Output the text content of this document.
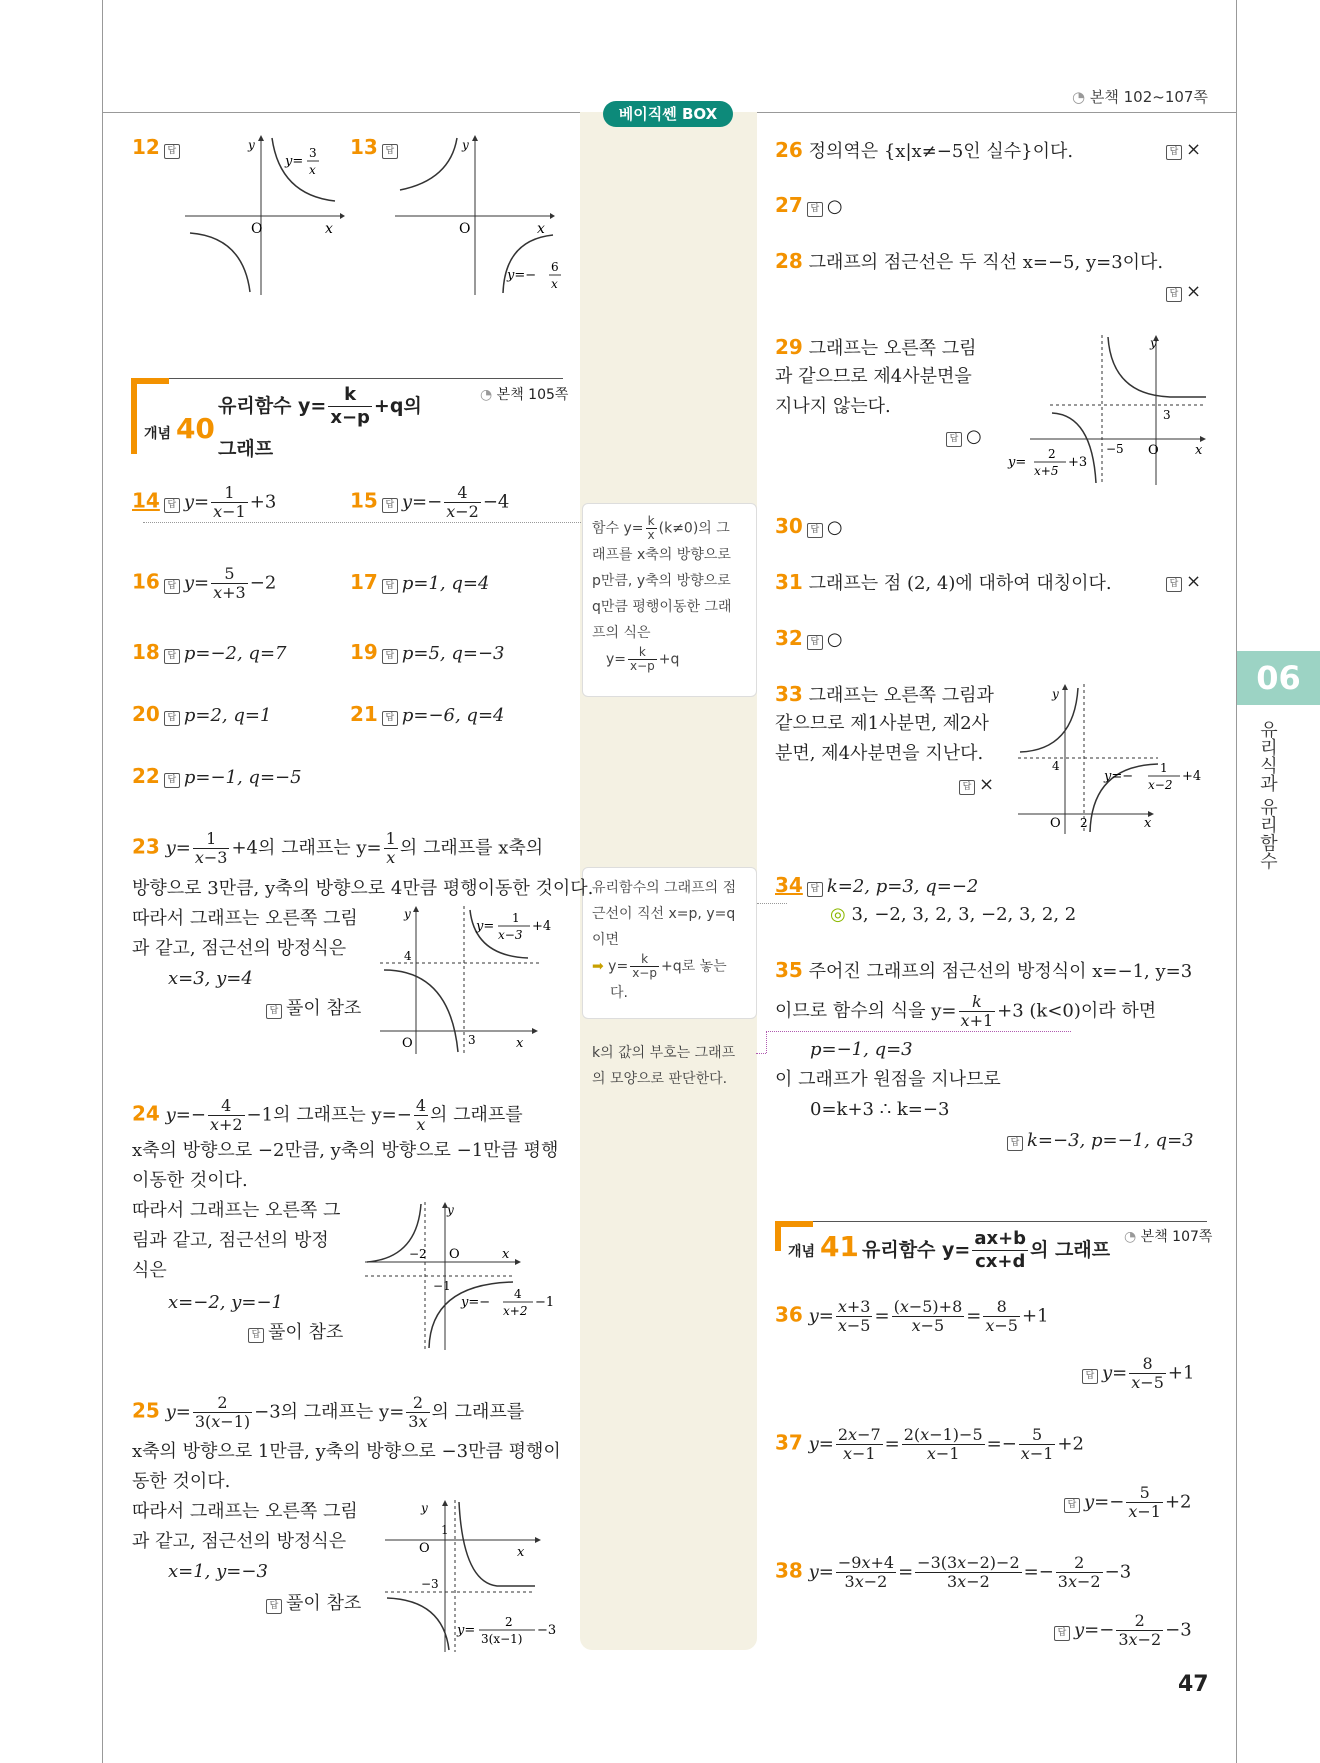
◔ 본책 102~107쪽
베이직쎈 BOX
함수 $y= \frac{k}{x} (k\ne 0)$의 그
래프를 x축의 방향으로
p만큼, y축의 방향으로
q만큼 평행이동한 그래
프의 식은
$y= \frac{k}{x-p} +q$
유리함수의 그래프의 점
근선이 직선 x=p, y=q
이면
➡ $y= \frac{k}{x-p} +q$로 놓는
다.
k의 값의 부호는 그래프
의 모양으로 판단한다.
06
유리식과 유리함수
47
12 답
O	x
y
y=
3
x
13 답
O	x
y
y=−
6
x
개념 40
유리함수 $y= \frac{k}{x-p} +q$의
그래프
◔ 본책 105쪽
14 답 $y= \frac{1}{x-1} +3$	15 답 $y=- \frac{4}{x-2} -4$
16 답 $y= \frac{5}{x+3} -2$	17 답 p=1, q=4
18 답 p=−2, q=7	19 답 p=5, q=−3
20 답 p=2, q=1	21 답 p=−6, q=4
22 답 p=−1, q=−5
23 $y= \frac{1}{x-3} +4$의 그래프는 $y= \frac{1}{x}$ 의 그래프를 x축의
방향으로 3만큼, y축의 방향으로 4만큼 평행이동한 것이다.
따라서 그래프는 오른쪽 그림
과 같고, 점근선의 방정식은
x=3, y=4
답 풀이 참조
O	x
y
4
3
y=
1
x−3
+4
24 $y=- \frac{4}{x+2} -1$의 그래프는 $y=- \frac{4}{x}$ 의 그래프를
x축의 방향으로 −2만큼, y축의 방향으로 −1만큼 평행
이동한 것이다.
따라서 그래프는 오른쪽 그
림과 같고, 점근선의 방정
식은
x=−2, y=−1
답 풀이 참조
O	x
y
−2
−1
y=−
4
x+2
−1
25 $y= \frac{2}{3(x-1)} -3$의 그래프는 $y= \frac{2}{3x}$ 의 그래프를
x축의 방향으로 1만큼, y축의 방향으로 −3만큼 평행이
동한 것이다.
따라서 그래프는 오른쪽 그림
과 같고, 점근선의 방정식은
x=1, y=−3
답 풀이 참조
O	x
y
1
−3
y=
2
3(x−1)
−3
26 정의역은 {x|x≠−5인 실수}이다.	답 ×
27 답 ○
28 그래프의 점근선은 두 직선 x=−5, y=3이다.
답 ×
29 그래프는 오른쪽 그림
과 같으므로 제4사분면을
지나지 않는다.
답 ○
O	x
y
3
−5
y=
2
x+5
+3
30 답 ○
31 그래프는 점 (2, 4)에 대하여 대칭이다.	답 ×
32 답 ○
33 그래프는 오른쪽 그림과
같으므로 제1사분면, 제2사
분면, 제4사분면을 지난다.
답 ×
O	x
y
4
2
y=−
1
x−2
+4
34 답 k=2, p=3, q=−2
◎ 3, −2, 3, 2, 3, −2, 3, 2, 2
35 주어진 그래프의 점근선의 방정식이 x=−1, y=3
이므로 함수의 식을 $y= \frac{k}{x+1} +3$ (k<0)이라 하면
p=−1, q=3
이 그래프가 원점을 지나므로
0=k+3 ∴ k=−3
답 k=−3, p=−1, q=3
개념 41 유리함수 $y= \frac{ax+b}{cx+d}$ 의 그래프
◔ 본책 107쪽
36 $y= \frac{x+3}{x-5} = \frac{(x-5)+8}{x-5} = \frac{8}{x-5} +1$
답 $y= \frac{8}{x-5} +1$
37 $y= \frac{2x-7}{x-1} = \frac{2(x-1)-5}{x-1} =- \frac{5}{x-1} +2$
답 $y=- \frac{5}{x-1} +2$
38 $y= \frac{-9x+4}{3x-2} = \frac{-3(3x-2)-2}{3x-2} =- \frac{2}{3x-2} -3$
답 $y=- \frac{2}{3x-2} -3$
